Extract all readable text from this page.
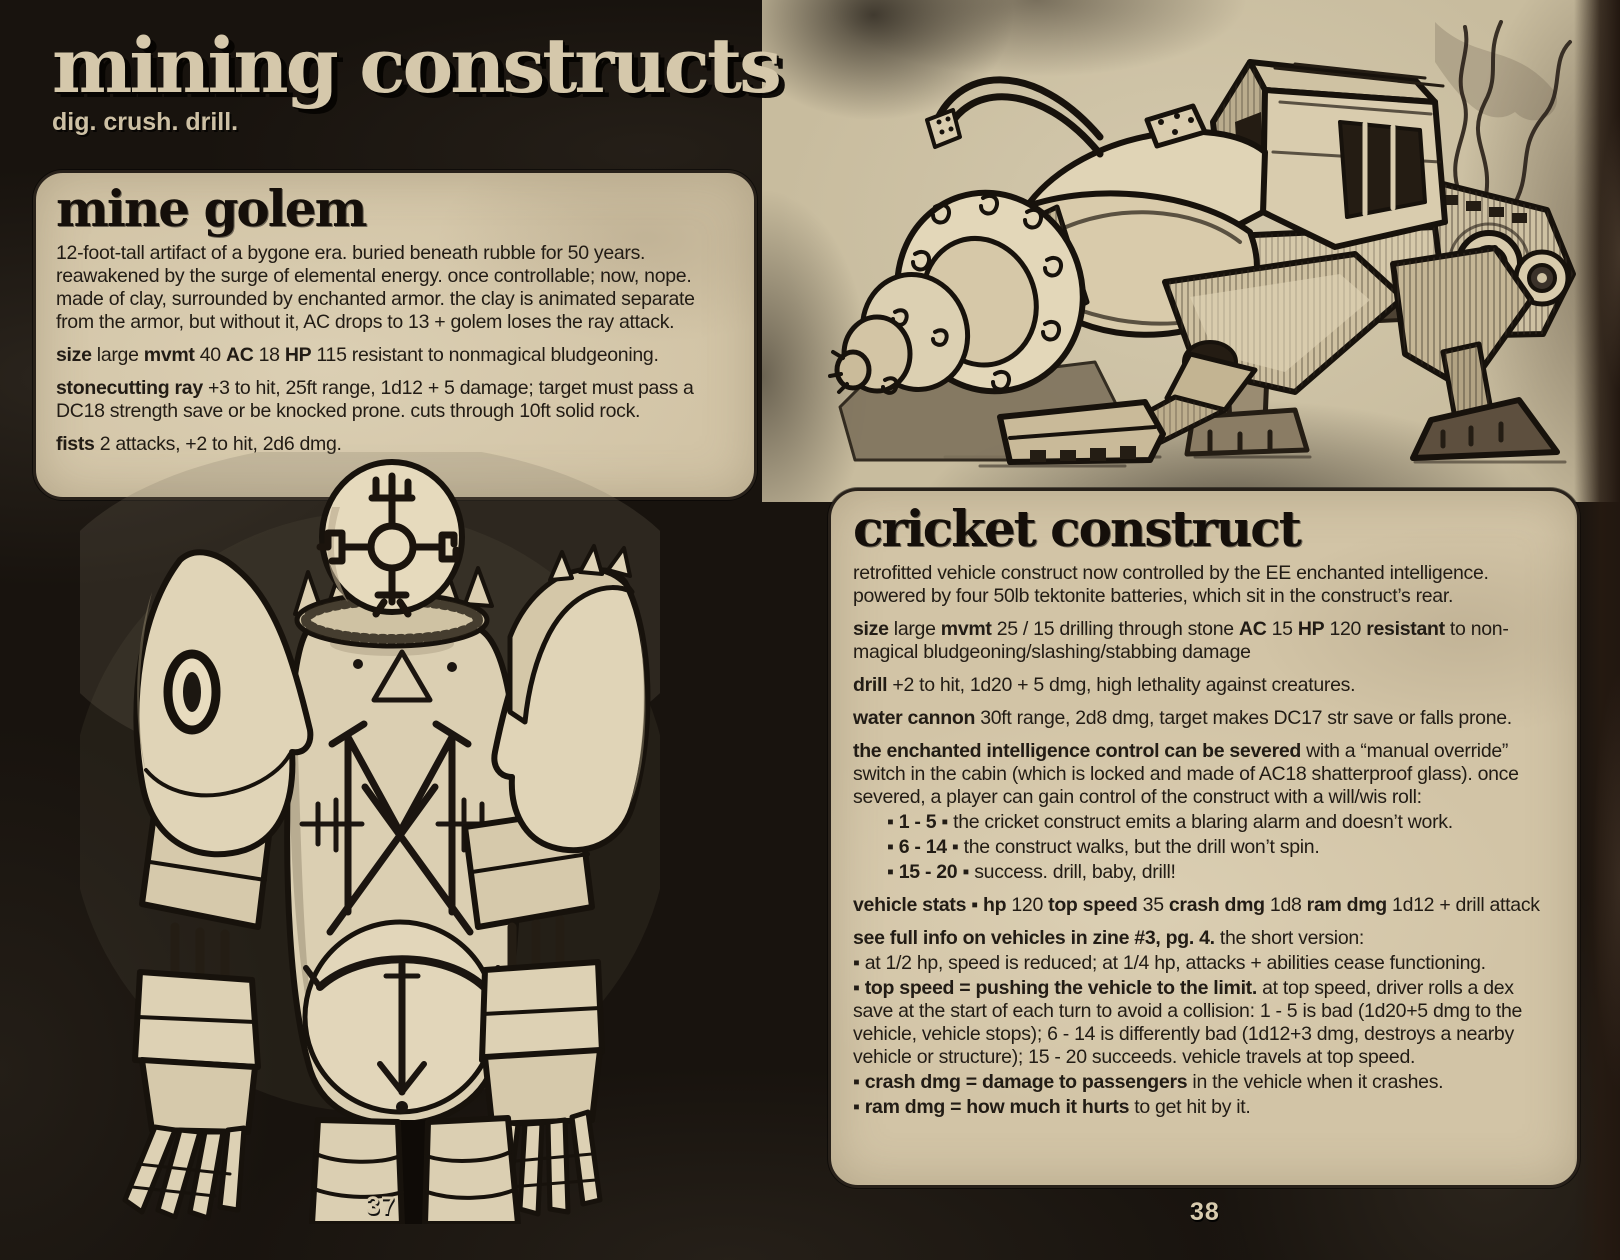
mining constructs
dig. crush. drill.
mine golem

12-foot-tall artifact of a bygone era. buried beneath rubble for 50 years. reawakened by the surge of elemental energy. once controllable; now, nope. made of clay, surrounded by enchanted armor. the clay is animated separate from the armor, but without it, AC drops to 13 + golem loses the ray attack.

size large mvmt 40 AC 18 HP 115 resistant to nonmagical bludgeoning.

stonecutting ray +3 to hit, 25ft range, 1d12 + 5 damage; target must pass a DC18 strength save or be knocked prone. cuts through 10ft solid rock.

fists 2 attacks, +2 to hit, 2d6 dmg.

cricket construct

retrofitted vehicle construct now controlled by the EE enchanted intelligence. powered by four 50lb tektonite batteries, which sit in the construct’s rear.

size large mvmt 25 / 15 drilling through stone AC 15 HP 120 resistant to non-magical bludgeoning/slashing/stabbing damage

drill +2 to hit, 1d20 + 5 dmg, high lethality against creatures.

water cannon 30ft range, 2d8 dmg, target makes DC17 str save or falls prone.

the enchanted intelligence control can be severed with a “manual override” switch in the cabin (which is locked and made of AC18 shatterproof glass). once severed, a player can gain control of the construct with a will/wis roll:

▪ 1 - 5 ▪ the cricket construct emits a blaring alarm and doesn’t work.

▪ 6 - 14 ▪ the construct walks, but the drill won’t spin.

▪ 15 - 20 ▪ success. drill, baby, drill!

vehicle stats ▪ hp 120 top speed 35 crash dmg 1d8 ram dmg 1d12 + drill attack

see full info on vehicles in zine #3, pg. 4. the short version:

▪ at 1/2 hp, speed is reduced; at 1/4 hp, attacks + abilities cease functioning.

▪ top speed = pushing the vehicle to the limit. at top speed, driver rolls a dex save at the start of each turn to avoid a collision: 1 - 5 is bad (1d20+5 dmg to the vehicle, vehicle stops); 6 - 14 is differently bad (1d12+3 dmg, destroys a nearby vehicle or structure); 15 - 20 succeeds. vehicle travels at top speed.

▪ crash dmg = damage to passengers in the vehicle when it crashes.

▪ ram dmg = how much it hurts to get hit by it.

37	38
